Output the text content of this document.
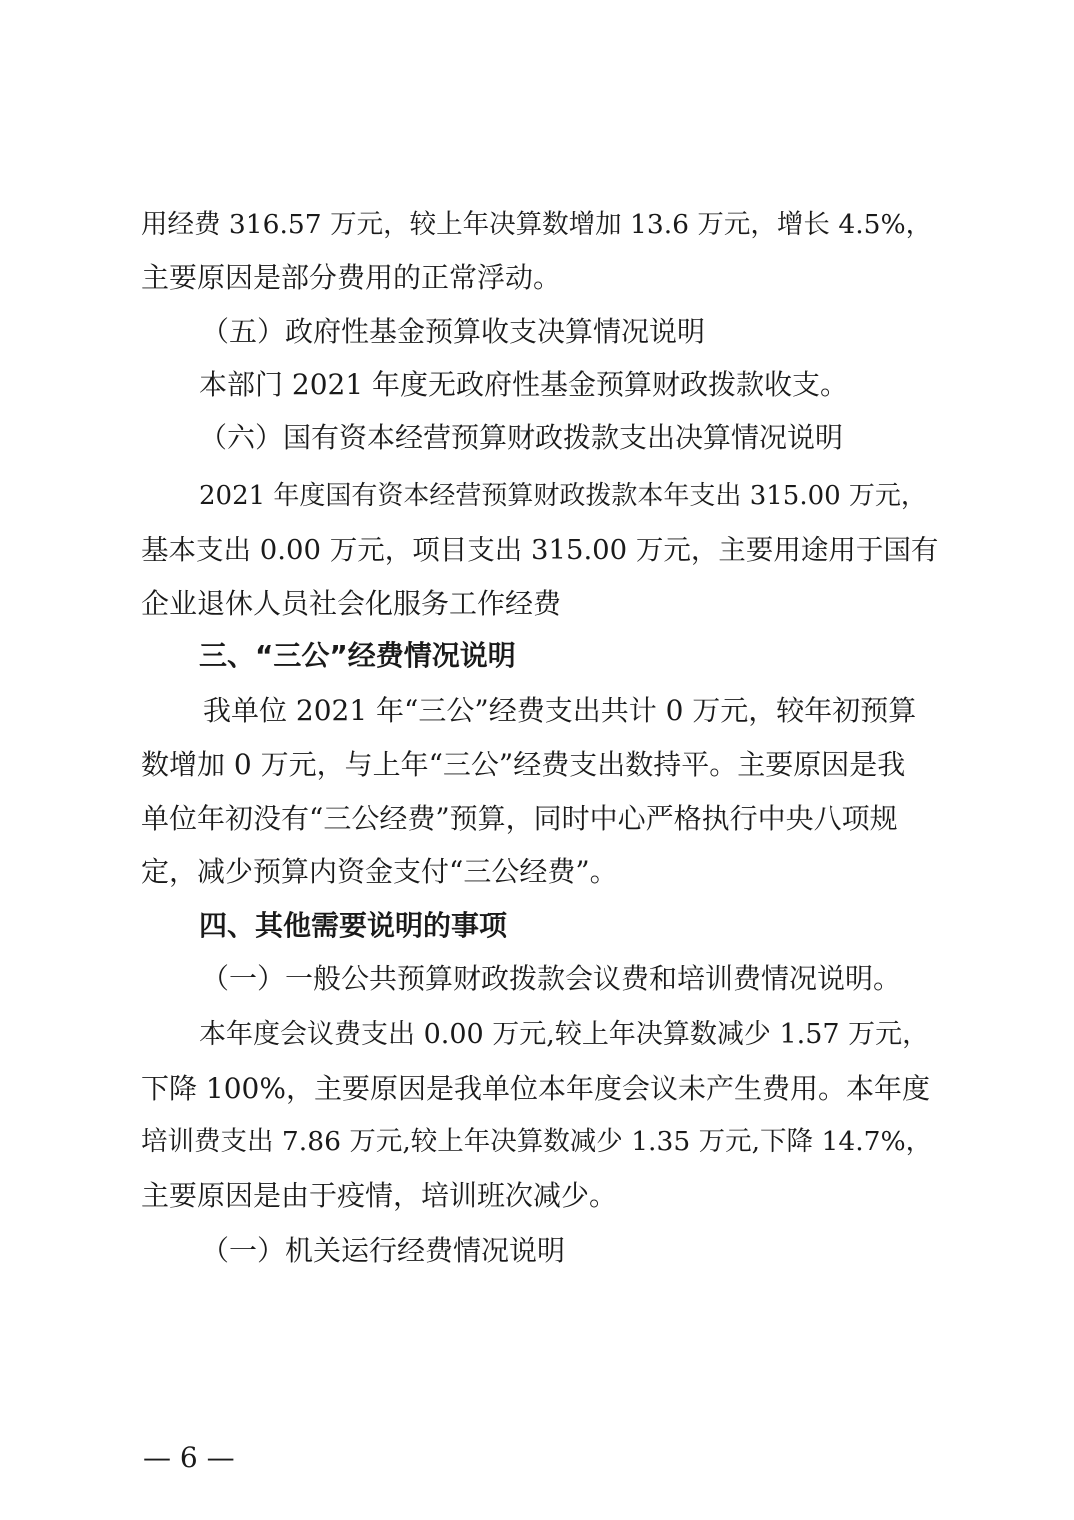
用经费 316.57 万元，较上年决算数增加 13.6 万元，增长 4.5%，
主要原因是部分费用的正常浮动。
（五）政府性基金预算收支决算情况说明
本部门 2021 年度无政府性基金预算财政拨款收支。
（六）国有资本经营预算财政拨款支出决算情况说明
2021 年度国有资本经营预算财政拨款本年支出 315.00 万元，
基本支出 0.00 万元，项目支出 315.00 万元，主要用途用于国有
企业退休人员社会化服务工作经费
三、“三公”经费情况说明
我单位 2021 年“三公”经费支出共计 0 万元，较年初预算
数增加 0 万元，与上年“三公”经费支出数持平。主要原因是我
单位年初没有“三公经费”预算，同时中心严格执行中央八项规
定，减少预算内资金支付“三公经费”。
四、其他需要说明的事项
（一）一般公共预算财政拨款会议费和培训费情况说明。
本年度会议费支出 0.00 万元,较上年决算数减少 1.57 万元，
下降 100%，主要原因是我单位本年度会议未产生费用。本年度
培训费支出 7.86 万元,较上年决算数减少 1.35 万元,下降 14.7%，
主要原因是由于疫情，培训班次减少。
（一）机关运行经费情况说明
— 6 —
